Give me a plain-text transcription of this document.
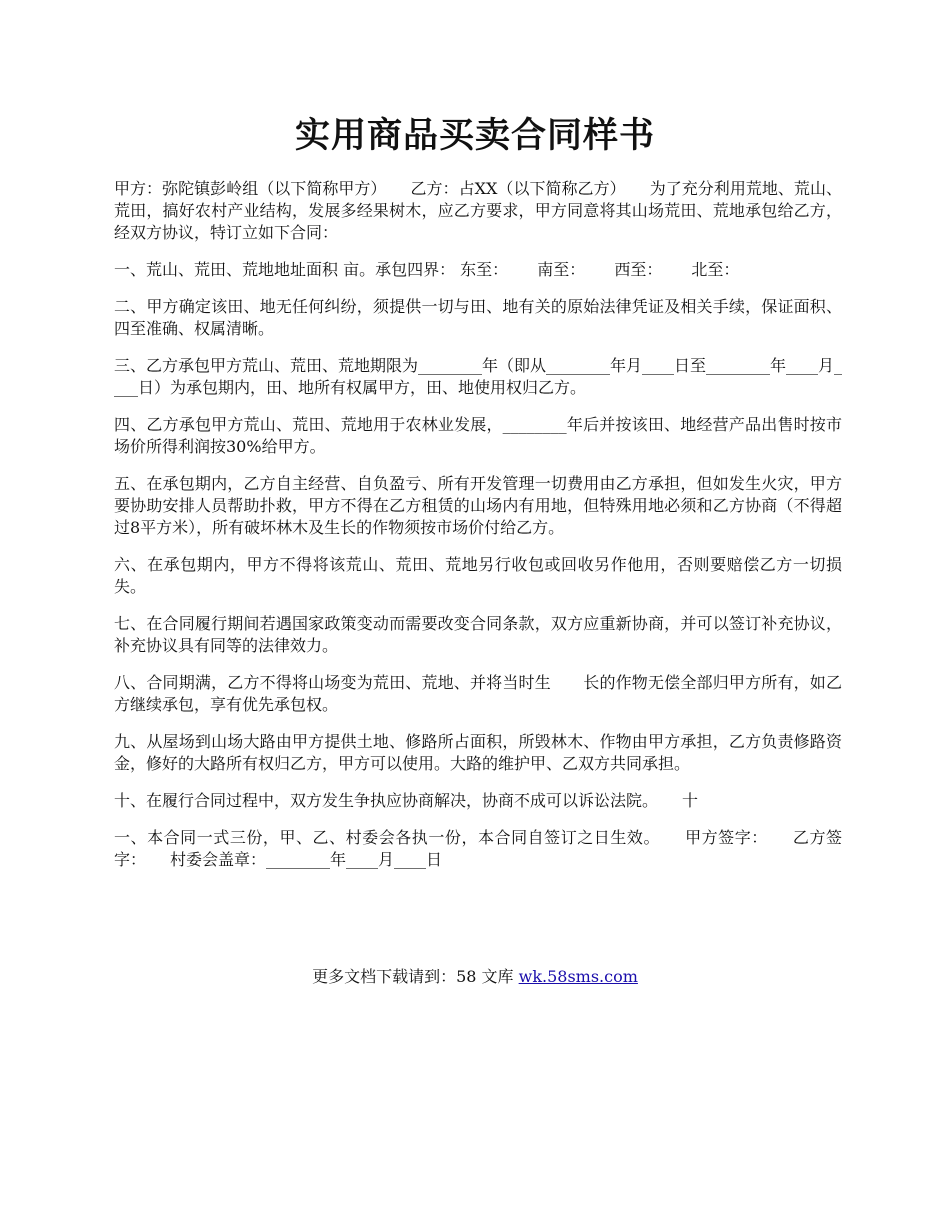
实用商品买卖合同样书

甲方：弥陀镇彭岭组（以下简称甲方）　　乙方：占XX（以下简称乙方）　　为了充分利用荒地、荒山、荒田，搞好农村产业结构，发展多经果树木，应乙方要求，甲方同意将其山场荒田、荒地承包给乙方，经双方协议，特订立如下合同：

一、荒山、荒田、荒地地址面积 亩。承包四界： 东至：　　 南至：　　 西至：　　 北至：

二、甲方确定该田、地无任何纠纷，须提供一切与田、地有关的原始法律凭证及相关手续，保证面积、四至准确、权属清晰。

三、乙方承包甲方荒山、荒田、荒地期限为________年（即从________年月____日至________年____月____日）为承包期内，田、地所有权属甲方，田、地使用权归乙方。

四、乙方承包甲方荒山、荒田、荒地用于农林业发展，________年后并按该田、地经营产品出售时按市场价所得利润按30%给甲方。

五、在承包期内，乙方自主经营、自负盈亏、所有开发管理一切费用由乙方承担，但如发生火灾，甲方要协助安排人员帮助扑救，甲方不得在乙方租赁的山场内有用地，但特殊用地必须和乙方协商（不得超过8平方米），所有破坏林木及生长的作物须按市场价付给乙方。

六、在承包期内，甲方不得将该荒山、荒田、荒地另行收包或回收另作他用，否则要赔偿乙方一切损失。

七、在合同履行期间若遇国家政策变动而需要改变合同条款，双方应重新协商，并可以签订补充协议，补充协议具有同等的法律效力。

八、合同期满，乙方不得将山场变为荒田、荒地、并将当时生　　长的作物无偿全部归甲方所有，如乙方继续承包，享有优先承包权。

九、从屋场到山场大路由甲方提供土地、修路所占面积，所毁林木、作物由甲方承担，乙方负责修路资金，修好的大路所有权归乙方，甲方可以使用。大路的维护甲、乙双方共同承担。

十、在履行合同过程中，双方发生争执应协商解决，协商不成可以诉讼法院。　　十

一、本合同一式三份，甲、乙、村委会各执一份，本合同自签订之日生效。　　甲方签字：　　乙方签字：　　村委会盖章：________年____月____日

更多文档下载请到：58 文库 wk.58sms.com
